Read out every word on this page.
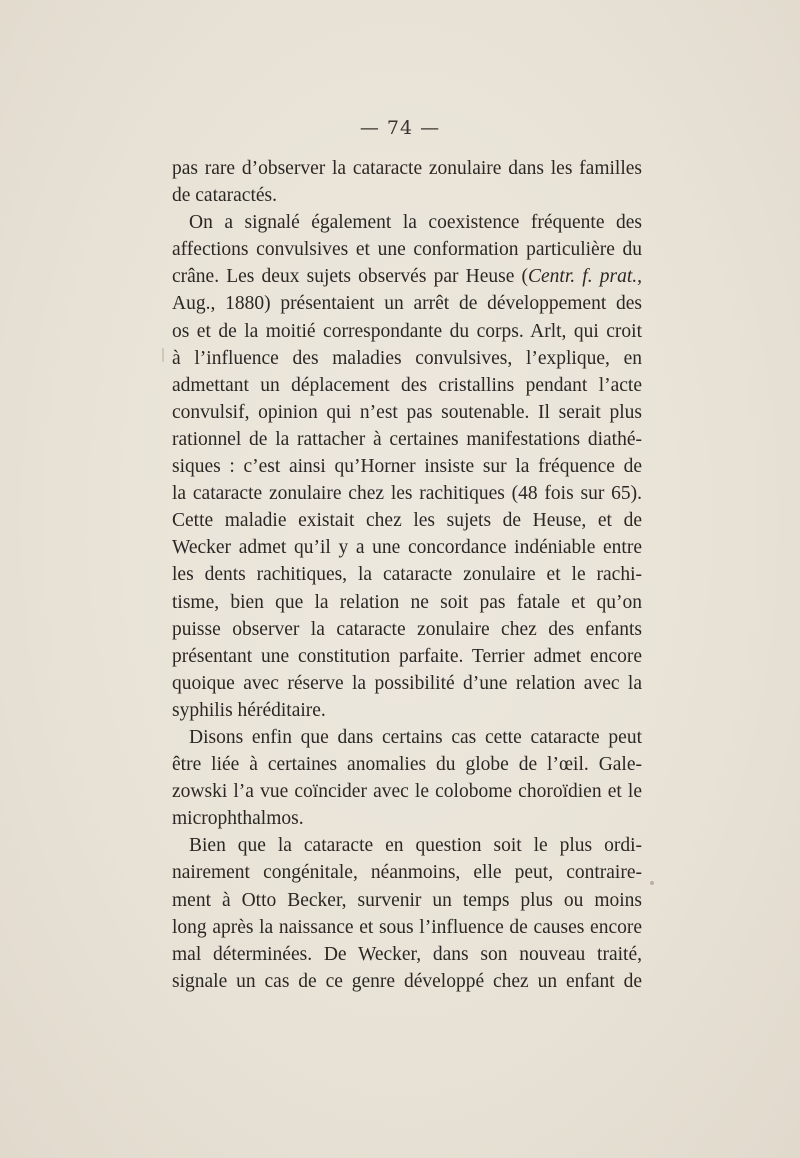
— 74 —
pas rare d’observer la cataracte zonulaire dans les familles
de cataractés.
On a signalé également la coexistence fréquente des
affections convulsives et une conformation particulière du
crâne. Les deux sujets observés par Heuse (Centr. f. prat.,
Aug., 1880) présentaient un arrêt de développement des
os et de la moitié correspondante du corps. Arlt, qui croit
à l’influence des maladies convulsives, l’explique, en
admettant un déplacement des cristallins pendant l’acte
convulsif, opinion qui n’est pas soutenable. Il serait plus
rationnel de la rattacher à certaines manifestations diathé-
siques : c’est ainsi qu’Horner insiste sur la fréquence de
la cataracte zonulaire chez les rachitiques (48 fois sur 65).
Cette maladie existait chez les sujets de Heuse, et de
Wecker admet qu’il y a une concordance indéniable entre
les dents rachitiques, la cataracte zonulaire et le rachi-
tisme, bien que la relation ne soit pas fatale et qu’on
puisse observer la cataracte zonulaire chez des enfants
présentant une constitution parfaite. Terrier admet encore
quoique avec réserve la possibilité d’une relation avec la
syphilis héréditaire.
Disons enfin que dans certains cas cette cataracte peut
être liée à certaines anomalies du globe de l’œil. Gale-
zowski l’a vue coïncider avec le colobome choroïdien et le
microphthalmos.
Bien que la cataracte en question soit le plus ordi-
nairement congénitale, néanmoins, elle peut, contraire-
ment à Otto Becker, survenir un temps plus ou moins
long après la naissance et sous l’influence de causes encore
mal déterminées. De Wecker, dans son nouveau traité,
signale un cas de ce genre développé chez un enfant de
